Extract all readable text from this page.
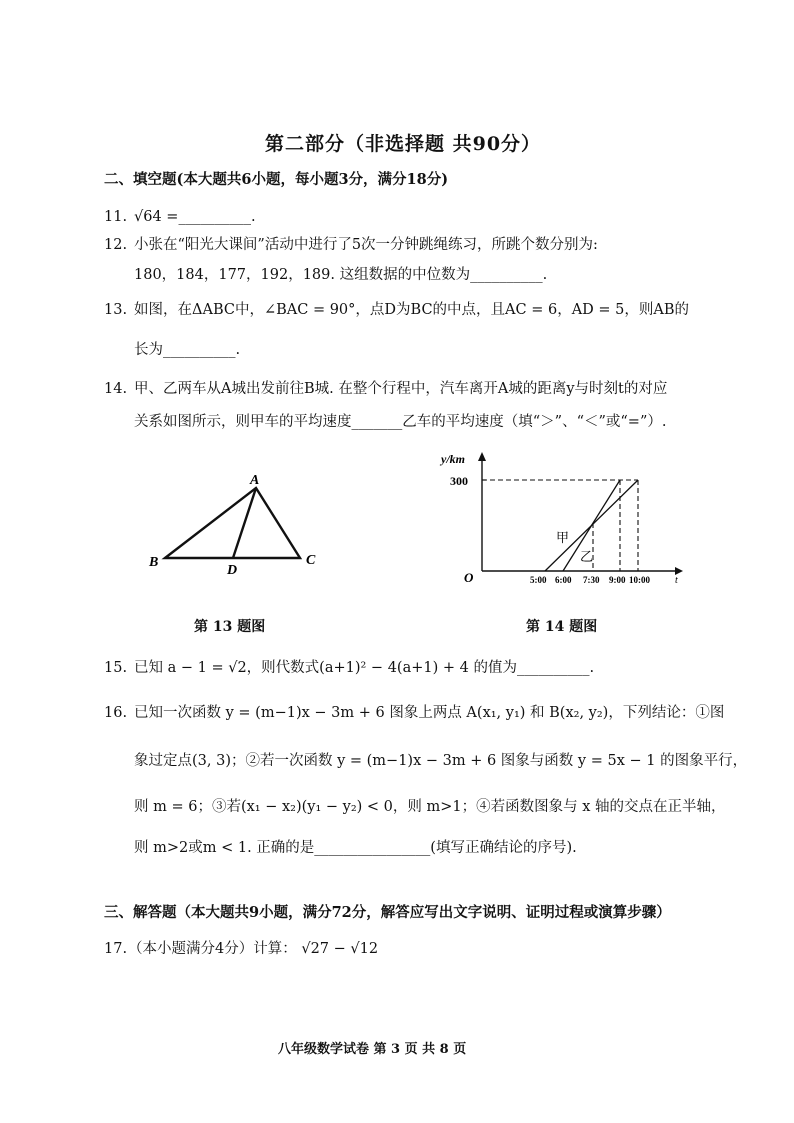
第二部分（非选择题 共90分）
二、填空题(本大题共6小题，每小题3分，满分18分)
11. √64 =__________.
12. 小张在“阳光大课间”活动中进行了5次一分钟跳绳练习，所跳个数分别为:
180，184，177，192，189. 这组数据的中位数为__________.
13. 如图，在ΔABC中，∠BAC = 90°，点D为BC的中点，且AC = 6，AD = 5，则AB的
长为__________.
14. 甲、乙两车从A城出发前往B城. 在整个行程中，汽车离开A城的距离y与时刻t的对应
关系如图所示，则甲车的平均速度_______乙车的平均速度（填“＞”、“＜”或“=”）.
A
B	C
D
第 13 题图
y/km
300
甲
乙
O	5:00 6:00 7:30 9:00 10:00	t
第 14 题图
15. 已知 a − 1 = √2，则代数式(a+1)² − 4(a+1) + 4 的值为__________.
16. 已知一次函数 y = (m−1)x − 3m + 6 图象上两点 A(x₁, y₁) 和 B(x₂, y₂)，下列结论：①图
象过定点(3, 3)；②若一次函数 y = (m−1)x − 3m + 6 图象与函数 y = 5x − 1 的图象平行，
则 m = 6；③若(x₁ − x₂)(y₁ − y₂) < 0，则 m>1；④若函数图象与 x 轴的交点在正半轴，
则 m>2或m < 1. 正确的是________________(填写正确结论的序号).
三、解答题（本大题共9小题，满分72分，解答应写出文字说明、证明过程或演算步骤）
17. （本小题满分4分）计算： √27 − √12
八年级数学试卷 第 3 页 共 8 页
